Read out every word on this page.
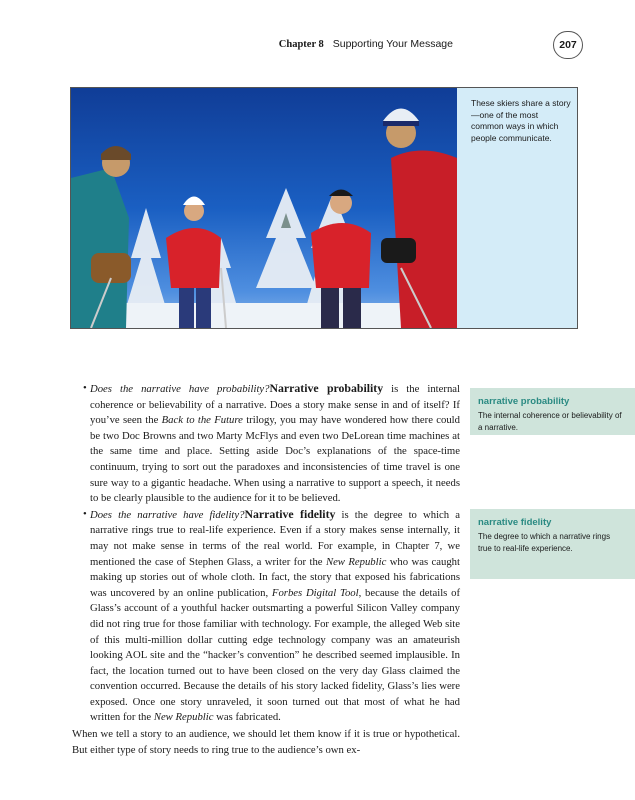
Chapter 8 Supporting Your Message	207
These skiers share a story—one of the most common ways in which people communicate.
narrative probability
The internal coherence or believability of a narrative.
narrative fidelity
The degree to which a narrative rings true to real-life experience.

• Does the narrative have probability?Narrative probability is the internal coherence or believability of a narrative. Does a story make sense in and of itself? If you’ve seen the Back to the Future trilogy, you may have wondered how there could be two Doc Browns and two Marty McFlys and even two DeLorean time machines at the same time and place. Setting aside Doc’s explanations of the space-time continuum, trying to sort out the paradoxes and inconsistencies of time travel is one sure way to a gigantic headache. When using a narrative to support a speech, it needs to be clearly plausible to the audience for it to be believed.

• Does the narrative have fidelity?Narrative fidelity is the degree to which a narrative rings true to real-life experience. Even if a story makes sense internally, it may not make sense in terms of the real world. For example, in Chapter 7, we mentioned the case of Stephen Glass, a writer for the New Republic who was caught making up stories out of whole cloth. In fact, the story that exposed his fabrications was uncovered by an online publication, Forbes Digital Tool, because the details of Glass’s account of a youthful hacker outsmarting a powerful Silicon Valley company did not ring true for those familiar with technology. For example, the alleged Web site of this multi-million dollar cutting edge technology company was an amateurish looking AOL site and the “hacker’s convention” he described seemed implausible. In fact, the location turned out to have been closed on the very day Glass claimed the convention occurred. Because the details of his story lacked fidelity, Glass’s lies were exposed. Once one story unraveled, it soon turned out that most of what he had written for the New Republic was fabricated.

When we tell a story to an audience, we should let them know if it is true or hypothetical. But either type of story needs to ring true to the audience’s own ex-
